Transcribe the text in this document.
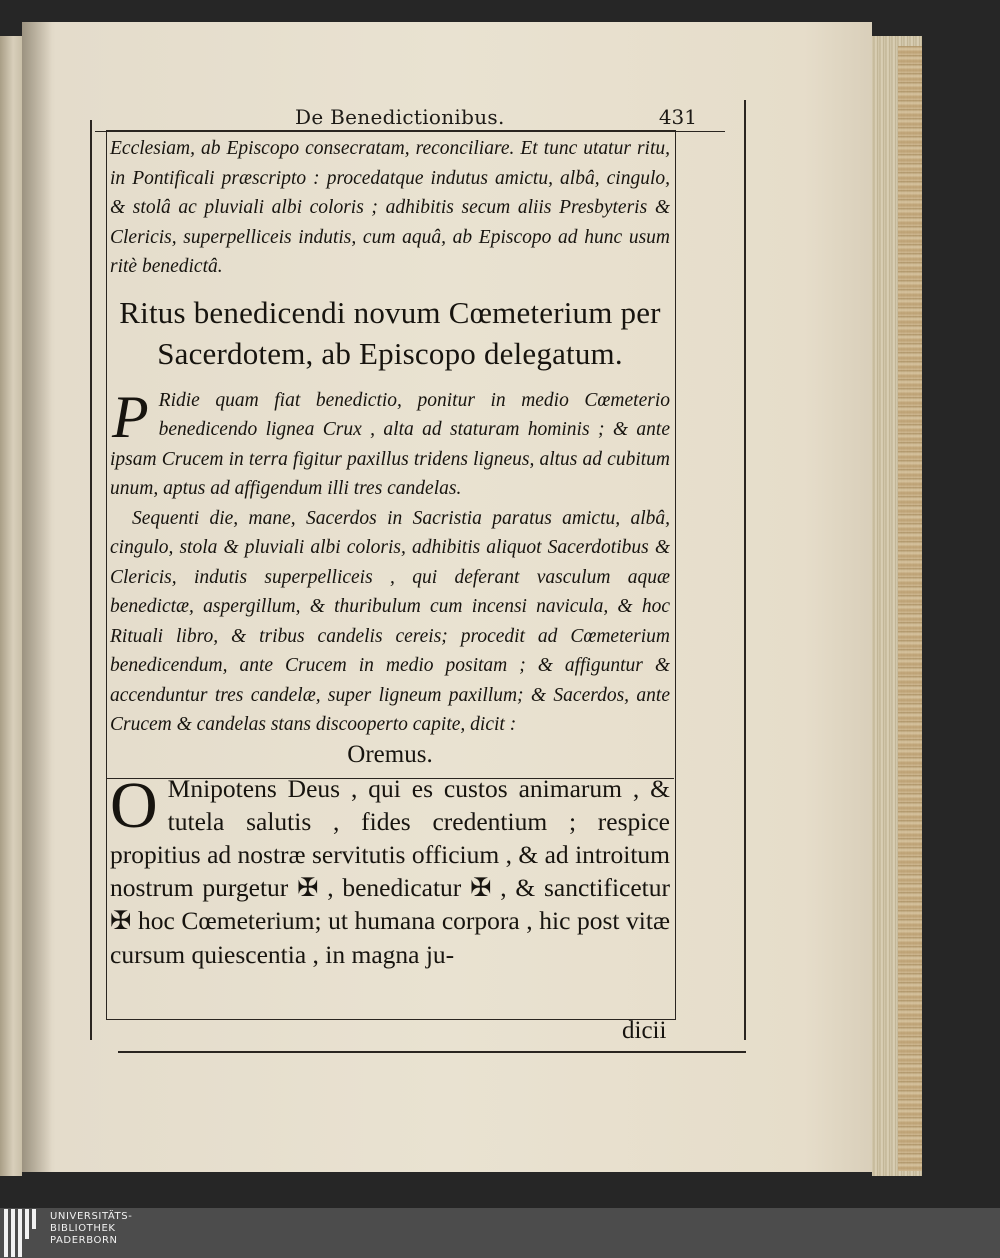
De Benedictionibus.	431

Ecclesiam, ab Episcopo consecratam, reconciliare. Et tunc utatur ritu, in Pontificali præscripto : procedatque indutus amictu, albâ, cingulo, & stolâ ac pluviali albi coloris ; adhibitis secum aliis Presbyteris & Clericis, superpelliceis indutis, cum aquâ, ab Episcopo ad hunc usum ritè benedictâ.

Ritus benedicendi novum Cœmeterium per Sacerdotem, ab Episcopo delegatum.

P Ridie quam fiat benedictio, ponitur in medio Cœmeterio benedicendo lignea Crux , alta ad staturam hominis ; & ante ipsam Crucem in terra figitur paxillus tridens ligneus, altus ad cubitum unum, aptus ad affigendum illi tres candelas.

Sequenti die, mane, Sacerdos in Sacristia paratus amictu, albâ, cingulo, stola & pluviali albi coloris, adhibitis aliquot Sacerdotibus & Clericis, indutis superpelliceis , qui deferant vasculum aquæ benedictæ, aspergillum, & thuribulum cum incensi navicula, & hoc Rituali libro, & tribus candelis cereis; procedit ad Cœmeterium benedicendum, ante Crucem in medio positam ; & affiguntur & accenduntur tres candelæ, super ligneum paxillum; & Sacerdos, ante Crucem & candelas stans discooperto capite, dicit :

Oremus.

O Mnipotens Deus , qui es custos animarum , & tutela salutis , fides credentium ; respice propitius ad nostræ servitutis officium , & ad introitum nostrum purgetur ✠ , benedicatur ✠ , & sanctificetur ✠ hoc Cœmeterium; ut humana corpora , hic post vitæ cursum quiescentia , in magna ju-

dicii
UNIVERSITÄTS-
BIBLIOTHEK
PADERBORN
